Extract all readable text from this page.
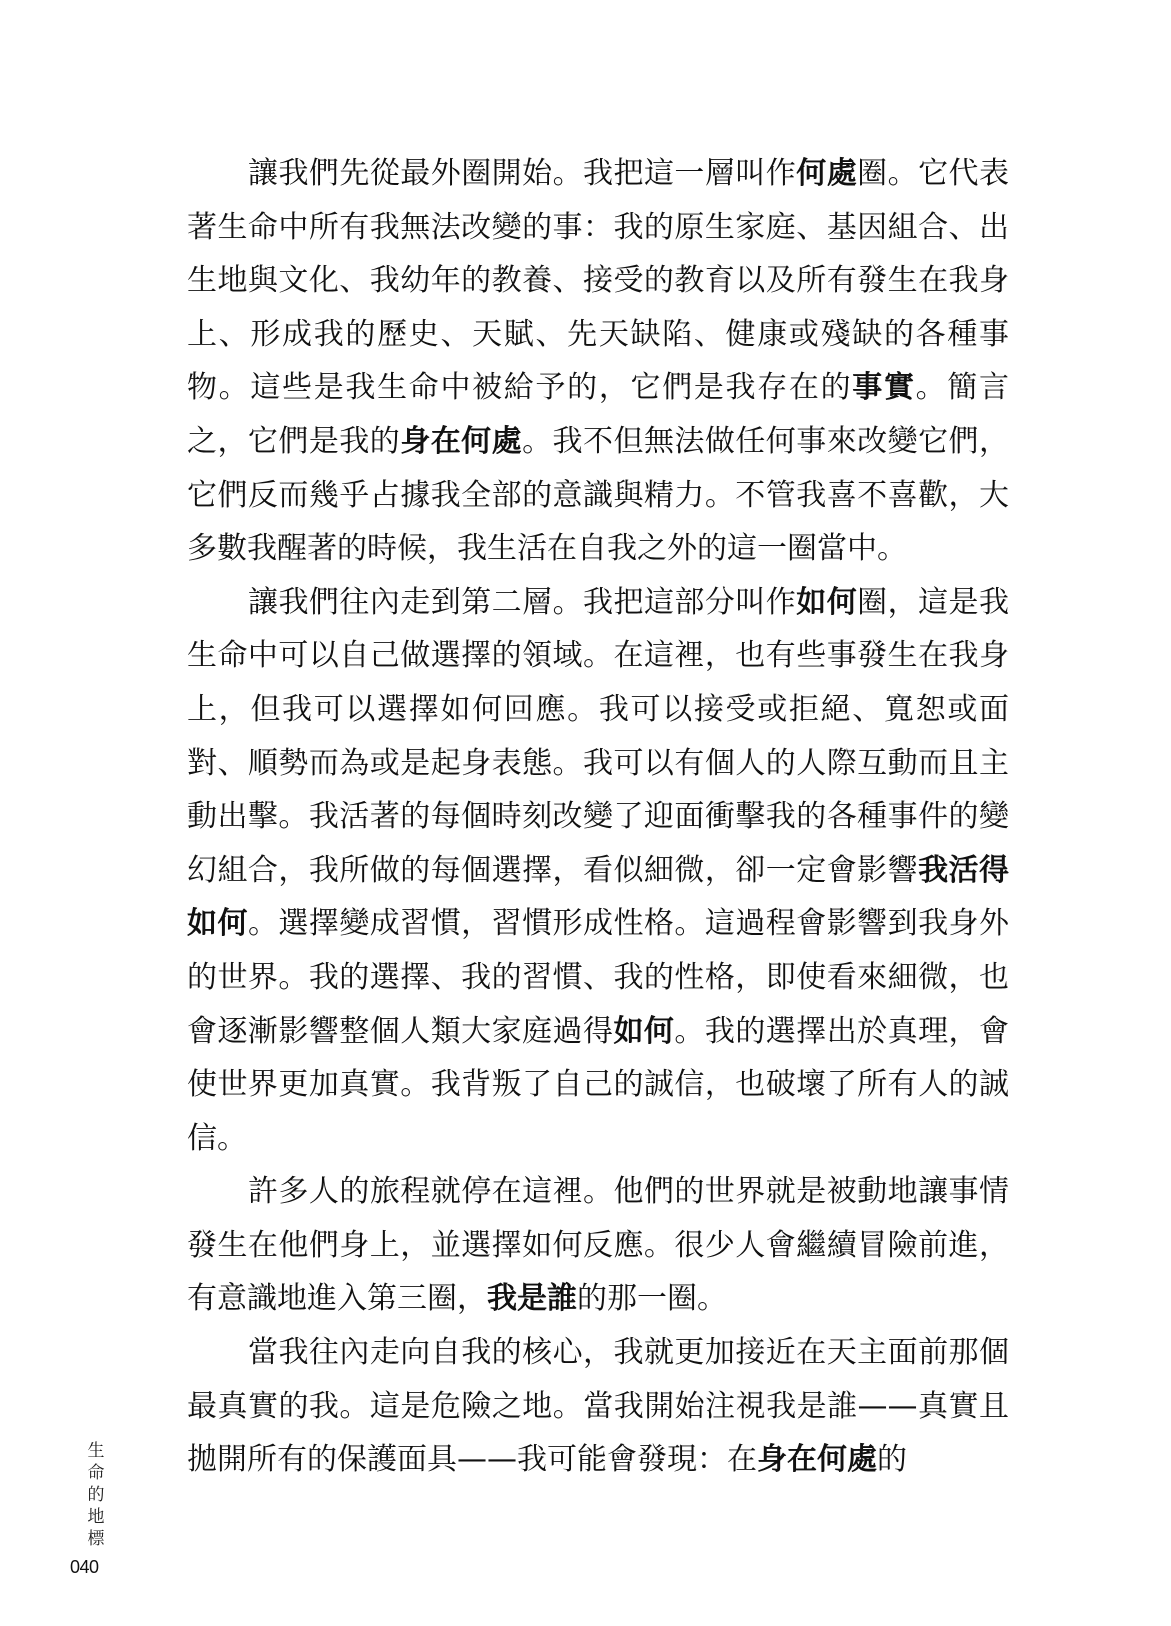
讓我們先從最外圈開始。我把這一層叫作何處圈。它代表著生命中所有我無法改變的事：我的原生家庭、基因組合、出生地與文化、我幼年的教養、接受的教育以及所有發生在我身上、形成我的歷史、天賦、先天缺陷、健康或殘缺的各種事物。這些是我生命中被給予的，它們是我存在的事實。簡言之，它們是我的身在何處。我不但無法做任何事來改變它們，它們反而幾乎占據我全部的意識與精力。不管我喜不喜歡，大多數我醒著的時候，我生活在自我之外的這一圈當中。

讓我們往內走到第二層。我把這部分叫作如何圈，這是我生命中可以自己做選擇的領域。在這裡，也有些事發生在我身上，但我可以選擇如何回應。我可以接受或拒絕、寬恕或面對、順勢而為或是起身表態。我可以有個人的人際互動而且主動出擊。我活著的每個時刻改變了迎面衝擊我的各種事件的變幻組合，我所做的每個選擇，看似細微，卻一定會影響我活得如何。選擇變成習慣，習慣形成性格。這過程會影響到我身外的世界。我的選擇、我的習慣、我的性格，即使看來細微，也會逐漸影響整個人類大家庭過得如何。我的選擇出於真理，會使世界更加真實。我背叛了自己的誠信，也破壞了所有人的誠信。

許多人的旅程就停在這裡。他們的世界就是被動地讓事情發生在他們身上，並選擇如何反應。很少人會繼續冒險前進，有意識地進入第三圈，我是誰的那一圈。

當我往內走向自我的核心，我就更加接近在天主面前那個最真實的我。這是危險之地。當我開始注視我是誰——真實且拋開所有的保護面具——我可能會發現：在身在何處的

生
命
的
地
標
040
